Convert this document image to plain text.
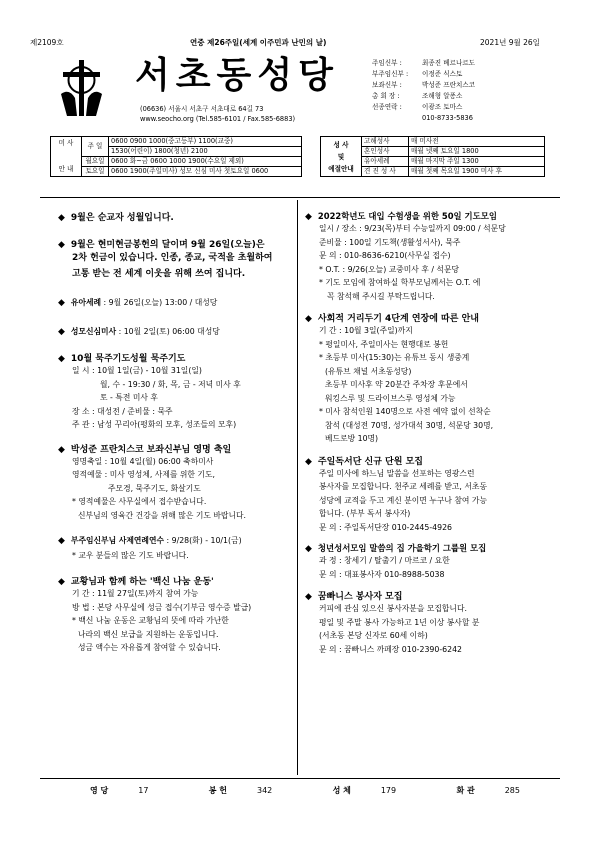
제2109호	연중 제26주일(세계 이주민과 난민의 날)	2021년 9월 26일
서초동성당
(06636) 서울시 서초구 서초대로 64길 73
www.seocho.org (Tel.585-6101 / Fax.585-6883)
주임신부 :	최종진 베르나르도
부주임신부 : 이정준 식스토
보좌신부 :	박성준 프란치스코
총 회 장 :	조해형 알퐁소
선종연락 :	이광조 토마스
010-8733-5836
미 사

안 내	주 일	0600 0900 1000(중고등부) 1100(교중)
		1530(어린이) 1800(청년) 2100
	월요일	0600 화~금 0600 1000 1900(수요일 제외)
	토요일	0600 1900(주일미사) 성모 신심 미사 첫토요일 0600
성 사
및
예절안내	고해성사	매 미사전
	혼인성사	매월 넷째 토요일 1800
	유아세례	매월 마지막 주일 1300
	견 진 성 사	매월 첫째 목요일 1900 미사 후
◆ 9월은 순교자 성월입니다.
◆ 9월은 현미현금봉헌의 달이며 9월 26일(오늘)은
2차 헌금이 있습니다. 인종, 종교, 국적을 초월하여
고통 받는 전 세계 이웃을 위해 쓰여 집니다.
◆ 유아세례 : 9월 26일(오늘) 13:00 / 대성당
◆ 성모신심미사 : 10월 2일(토) 06:00 대성당
◆ 10월 묵주기도성월 묵주기도
일 시 : 10월 1일(금) - 10월 31일(일)
월, 수 - 19:30 / 화, 목, 금 - 저녁 미사 후
토 - 특전 미사 후
장 소 : 대성전 / 준비물 : 묵주
주 관 : 남성 꾸리아(평화의 모후, 성조들의 모후)
◆ 박성준 프란치스코 보좌신부님 영명 축일
영명축일 : 10월 4일(월) 06:00 축하미사
영적예물 : 미사 영성체, 사제를 위한 기도,
주모경, 묵주기도, 화살기도
* 영적예물은 사무실에서 접수받습니다.
신부님의 영육간 건강을 위해 많은 기도 바랍니다.
◆ 부주임신부님 사제연례연수 : 9/28(화) - 10/1(금)
* 교우 분들의 많은 기도 바랍니다.
◆ 교황님과 함께 하는 '백신 나눔 운동'
기 간 : 11월 27일(토)까지 참여 가능
방 법 : 본당 사무실에 성금 접수(기부금 영수증 발급)
* 백신 나눔 운동은 교황님의 뜻에 따라 가난한
나라의 백신 보급을 지원하는 운동입니다.
성금 액수는 자유롭게 참여할 수 있습니다.
◆ 2022학년도 대입 수험생을 위한 50일 기도모임
일시 / 장소 : 9/23(목)부터 수능일까지 09:00 / 석문당
준비물 : 100일 기도책(생활성서사), 묵주
문 의 : 010-8636-6210(사무실 접수)
* O.T. : 9/26(오늘) 교중미사 후 / 석문당
* 기도 모임에 참여하실 학부모님께서는 O.T. 에
꼭 참석해 주시길 부탁드립니다.
◆ 사회적 거리두기 4단계 연장에 따른 안내
기 간 : 10월 3일(주일)까지
* 평일미사, 주일미사는 현행대로 봉헌
* 초등부 미사(15:30)는 유튜브 동시 생중계
(유튜브 채널 서초동성당)
초등부 미사후 약 20분간 주차장 후문에서
워킹스루 및 드라이브스루 영성체 가능
* 미사 참석인원 140명으로 사전 예약 없이 선착순
참석 (대성전 70명, 성가대석 30명, 석문당 30명,
베드로방 10명)
◆ 주일독서단 신규 단원 모집
주일 미사에 하느님 말씀을 선포하는 영광스런
봉사자를 모집합니다. 천주교 세례를 받고, 서초동
성당에 교적을 두고 계신 분이면 누구나 참여 가능
합니다. (부부 독서 봉사자)
문 의 : 주일독서단장 010-2445-4926
◆ 청년성서모임 말씀의 집 가을학기 그룹원 모집
과 정 : 창세기 / 탈출기 / 마르코 / 요한
문 의 : 대표봉사자 010-8988-5038
◆ 꿈빠니스 봉사자 모집
커피에 관심 있으신 봉사자분을 모집합니다.
평일 및 주말 봉사 가능하고 1년 이상 봉사할 분
(서초동 본당 신자로 60세 이하)
문 의 : 꿈빠니스 까페장 010-2390-6242
영 당	17	봉 헌	342	성 체	179	화 관	285
